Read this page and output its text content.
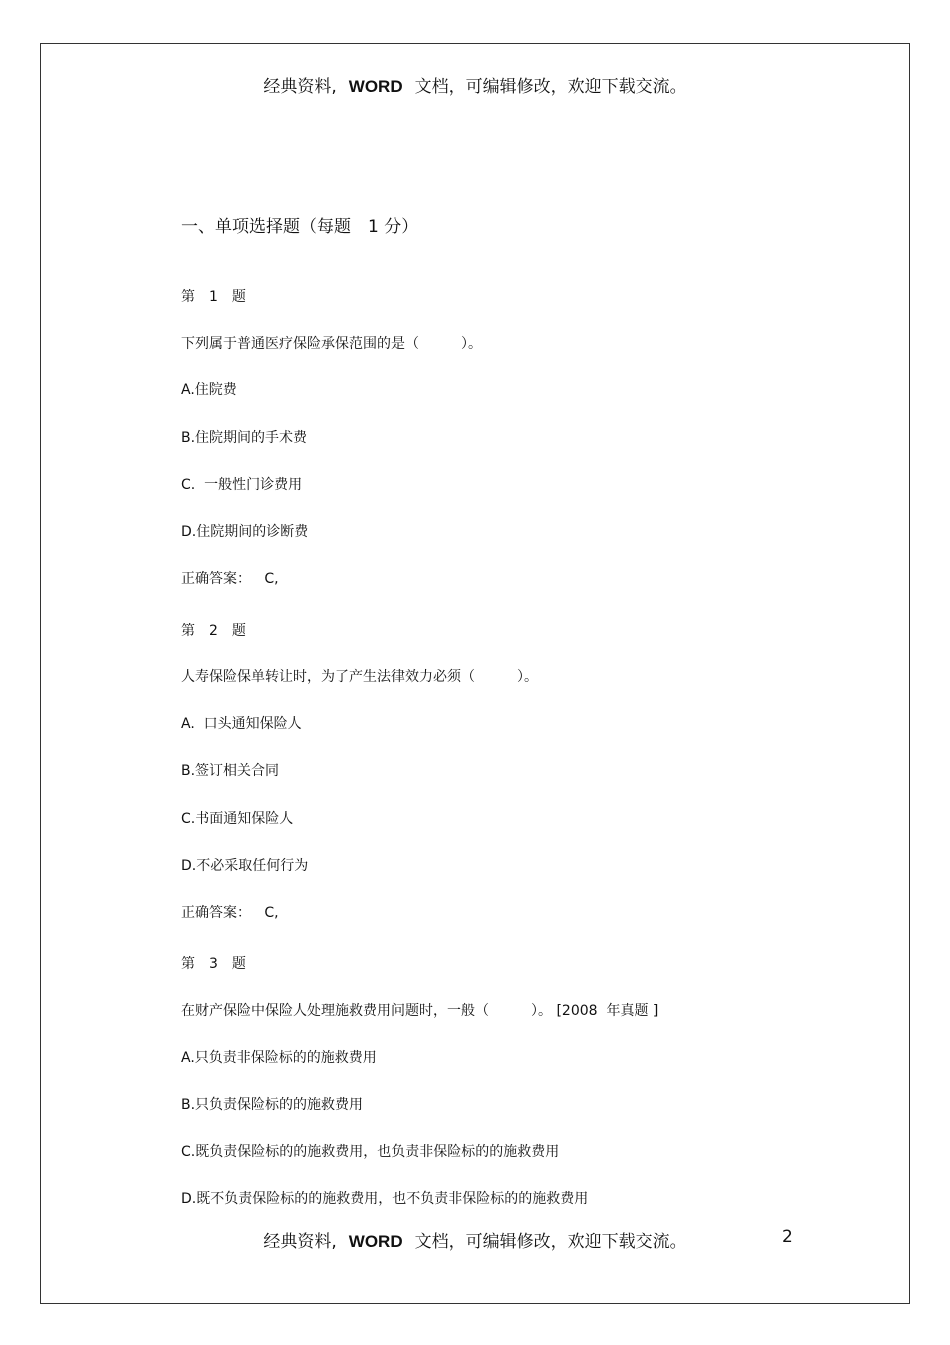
经典资料, WORD 文档，可编辑修改，欢迎下载交流。
一、单项选择题（每题　1 分）
第　1　题
下列属于普通医疗保险承保范围的是（　　　）。
A.住院费
B.住院期间的手术费
C.  一般性门诊费用
D.住院期间的诊断费
正确答案：   C,
第　2　题
人寿保险保单转让时，为了产生法律效力必须（　　　）。
A.  口头通知保险人
B.签订相关合同
C.书面通知保险人
D.不必采取任何行为
正确答案：   C,
第　3　题
在财产保险中保险人处理施救费用问题时，一般（　　　）。 [2008  年真题 ]
A.只负责非保险标的的施救费用
B.只负责保险标的的施救费用
C.既负责保险标的的施救费用，也负责非保险标的的施救费用
D.既不负责保险标的的施救费用，也不负责非保险标的的施救费用
经典资料, WORD 文档，可编辑修改，欢迎下载交流。	2
